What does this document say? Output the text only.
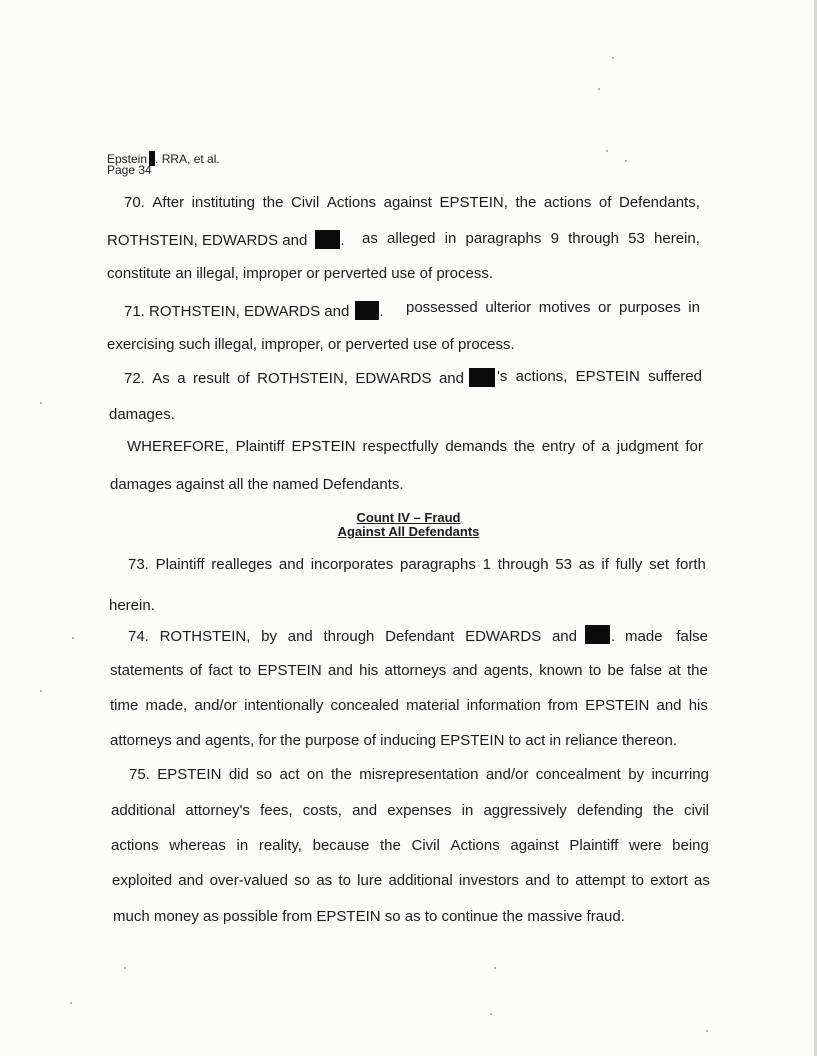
Epstein . RRA, et al.
Page 34
70. After instituting the Civil Actions against EPSTEIN, the actions of Defendants,
ROTHSTEIN, EDWARDS and . as alleged in paragraphs 9 through 53 herein,
constitute an illegal, improper or perverted use of process.
71. ROTHSTEIN, EDWARDS and . possessed ulterior motives or purposes in
exercising such illegal, improper, or perverted use of process.
72. As a result of ROTHSTEIN, EDWARDS and 's actions, EPSTEIN suffered
damages.
WHEREFORE, Plaintiff EPSTEIN respectfully demands the entry of a judgment for
damages against all the named Defendants.
Count IV – Fraud
Against All Defendants
73. Plaintiff realleges and incorporates paragraphs 1 through 53 as if fully set forth
herein.
74. ROTHSTEIN, by and through Defendant EDWARDS and . made false
statements of fact to EPSTEIN and his attorneys and agents, known to be false at the
time made, and/or intentionally concealed material information from EPSTEIN and his
attorneys and agents, for the purpose of inducing EPSTEIN to act in reliance thereon.
75. EPSTEIN did so act on the misrepresentation and/or concealment by incurring
additional attorney's fees, costs, and expenses in aggressively defending the civil
actions whereas in reality, because the Civil Actions against Plaintiff were being
exploited and over-valued so as to lure additional investors and to attempt to extort as
much money as possible from EPSTEIN so as to continue the massive fraud.
